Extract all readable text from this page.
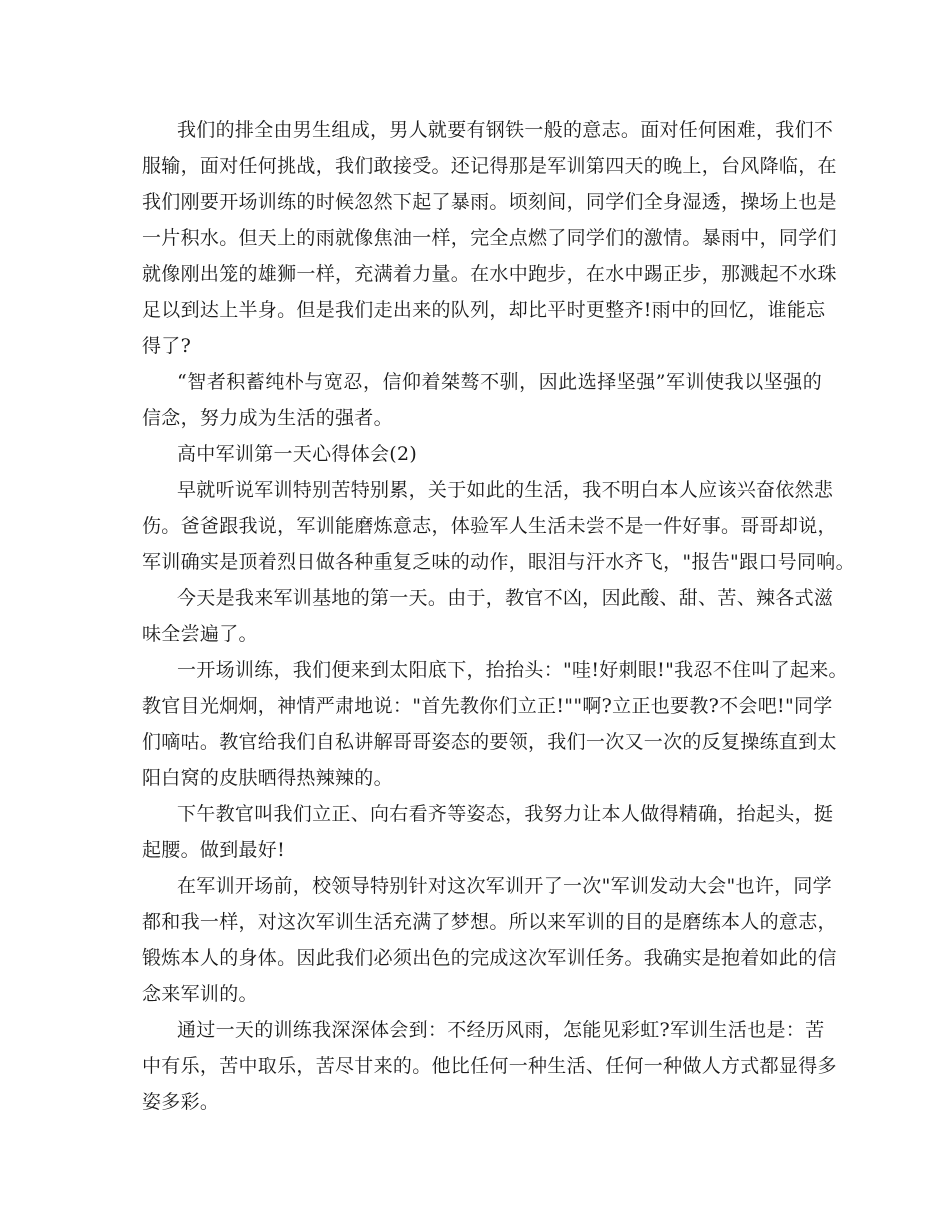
我们的排全由男生组成，男人就要有钢铁一般的意志。面对任何困难，我们不
服输，面对任何挑战，我们敢接受。还记得那是军训第四天的晚上，台风降临，在
我们刚要开场训练的时候忽然下起了暴雨。顷刻间，同学们全身湿透，操场上也是
一片积水。但天上的雨就像焦油一样，完全点燃了同学们的激情。暴雨中，同学们
就像刚出笼的雄狮一样，充满着力量。在水中跑步，在水中踢正步，那溅起不水珠
足以到达上半身。但是我们走出来的队列，却比平时更整齐!雨中的回忆，谁能忘
得了?
“智者积蓄纯朴与宽忍，信仰着桀骜不驯，因此选择坚强”军训使我以坚强的
信念，努力成为生活的强者。
高中军训第一天心得体会(2)
早就听说军训特别苦特别累，关于如此的生活，我不明白本人应该兴奋依然悲
伤。爸爸跟我说，军训能磨炼意志，体验军人生活未尝不是一件好事。哥哥却说，
军训确实是顶着烈日做各种重复乏味的动作，眼泪与汗水齐飞，"报告"跟口号同响。
今天是我来军训基地的第一天。由于，教官不凶，因此酸、甜、苦、辣各式滋
味全尝遍了。
一开场训练，我们便来到太阳底下，抬抬头："哇!好刺眼!"我忍不住叫了起来。
教官目光炯炯，神情严肃地说："首先教你们立正!""啊?立正也要教?不会吧!"同学
们嘀咕。教官给我们自私讲解哥哥姿态的要领，我们一次又一次的反复操练直到太
阳白窝的皮肤晒得热辣辣的。
下午教官叫我们立正、向右看齐等姿态，我努力让本人做得精确，抬起头，挺
起腰。做到最好!
在军训开场前，校领导特别针对这次军训开了一次"军训发动大会"也许，同学
都和我一样，对这次军训生活充满了梦想。所以来军训的目的是磨练本人的意志，
锻炼本人的身体。因此我们必须出色的完成这次军训任务。我确实是抱着如此的信
念来军训的。
通过一天的训练我深深体会到：不经历风雨，怎能见彩虹?军训生活也是：苦
中有乐，苦中取乐，苦尽甘来的。他比任何一种生活、任何一种做人方式都显得多
姿多彩。
